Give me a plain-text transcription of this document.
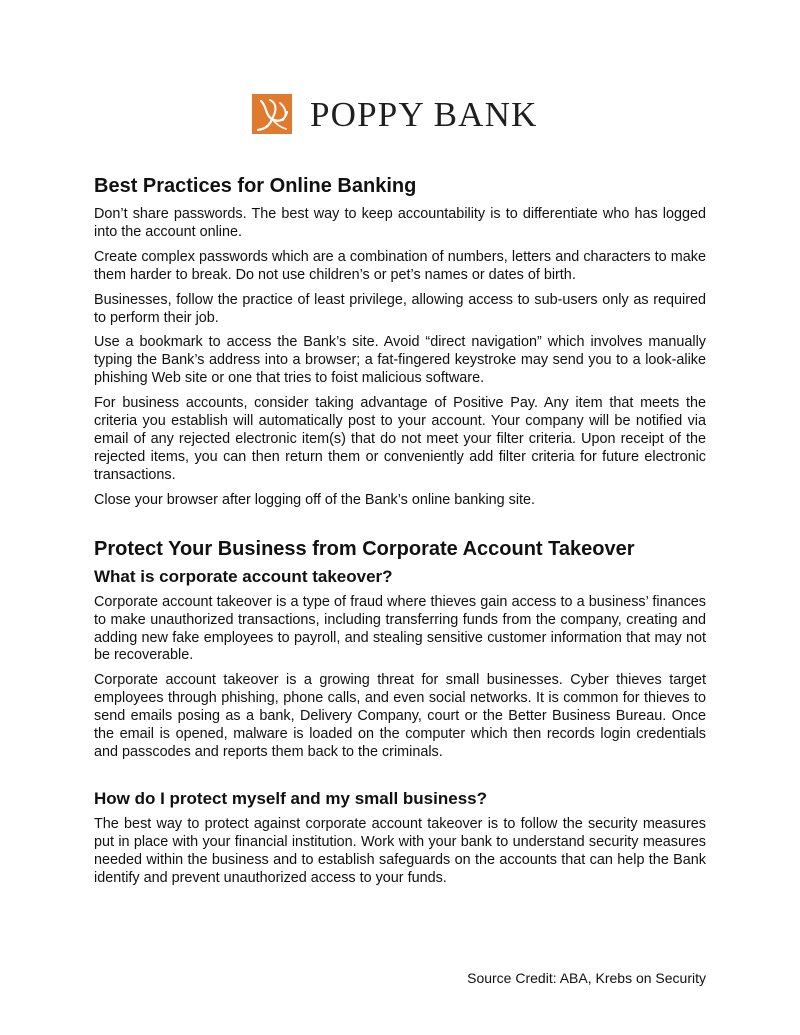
POPPY BANK
Best Practices for Online Banking

Don’t share passwords. The best way to keep accountability is to differentiate who has logged into the account online.

Create complex passwords which are a combination of numbers, letters and characters to make them harder to break. Do not use children’s or pet’s names or dates of birth.

Businesses, follow the practice of least privilege, allowing access to sub-users only as required to perform their job.

Use a bookmark to access the Bank’s site. Avoid “direct navigation” which involves manually typing the Bank’s address into a browser; a fat-fingered keystroke may send you to a look-alike phishing Web site or one that tries to foist malicious software.

For business accounts, consider taking advantage of Positive Pay. Any item that meets the criteria you establish will automatically post to your account. Your company will be notified via email of any rejected electronic item(s) that do not meet your filter criteria. Upon receipt of the rejected items, you can then return them or conveniently add filter criteria for future electronic transactions.

Close your browser after logging off of the Bank’s online banking site.

Protect Your Business from Corporate Account Takeover
What is corporate account takeover?

Corporate account takeover is a type of fraud where thieves gain access to a business’ finances to make unauthorized transactions, including transferring funds from the company, creating and adding new fake employees to payroll, and stealing sensitive customer information that may not be recoverable.

Corporate account takeover is a growing threat for small businesses. Cyber thieves target employees through phishing, phone calls, and even social networks. It is common for thieves to send emails posing as a bank, Delivery Company, court or the Better Business Bureau. Once the email is opened, malware is loaded on the computer which then records login credentials and passcodes and reports them back to the criminals.

How do I protect myself and my small business?

The best way to protect against corporate account takeover is to follow the security measures put in place with your financial institution. Work with your bank to understand security measures needed within the business and to establish safeguards on the accounts that can help the Bank identify and prevent unauthorized access to your funds.

Source Credit: ABA, Krebs on Security
